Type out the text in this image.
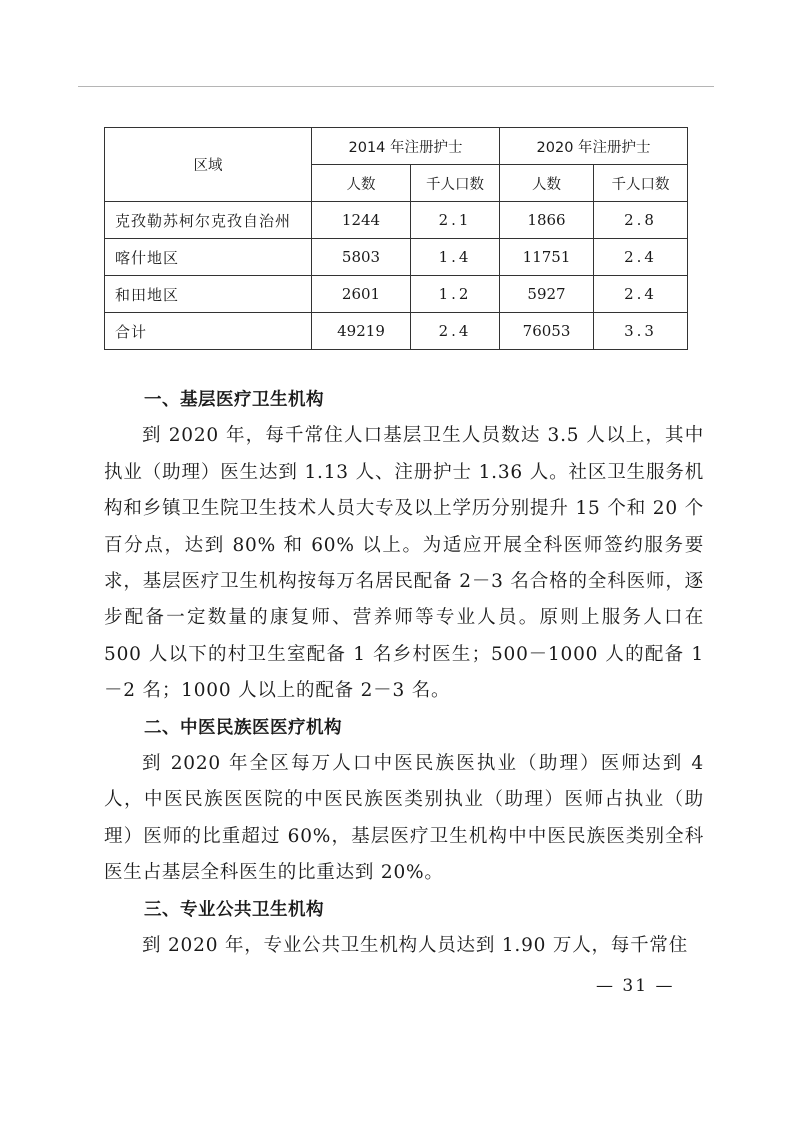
区域	2014 年注册护士		2020 年注册护士	
	人数	千人口数	人数	千人口数
克孜勒苏柯尔克孜自治州	1244	2.1	1866	2.8
喀什地区	5803	1.4	11751	2.4
和田地区	2601	1.2	5927	2.4
合计	49219	2.4	76053	3.3
一、基层医疗卫生机构

到 2020 年，每千常住人口基层卫生人员数达 3.5 人以上，其中执业（助理）医生达到 1.13 人、注册护士 1.36 人。社区卫生服务机构和乡镇卫生院卫生技术人员大专及以上学历分别提升 15 个和 20 个百分点，达到 80% 和 60% 以上。为适应开展全科医师签约服务要求，基层医疗卫生机构按每万名居民配备 2－3 名合格的全科医师，逐步配备一定数量的康复师、营养师等专业人员。原则上服务人口在 500 人以下的村卫生室配备 1 名乡村医生；500－1000 人的配备 1－2 名；1000 人以上的配备 2－3 名。

二、中医民族医医疗机构

到 2020 年全区每万人口中医民族医执业（助理）医师达到 4 人，中医民族医医院的中医民族医类别执业（助理）医师占执业（助理）医师的比重超过 60%，基层医疗卫生机构中中医民族医类别全科医生占基层全科医生的比重达到 20%。

三、专业公共卫生机构

到 2020 年，专业公共卫生机构人员达到 1.90 万人，每千常住

— 31 —
